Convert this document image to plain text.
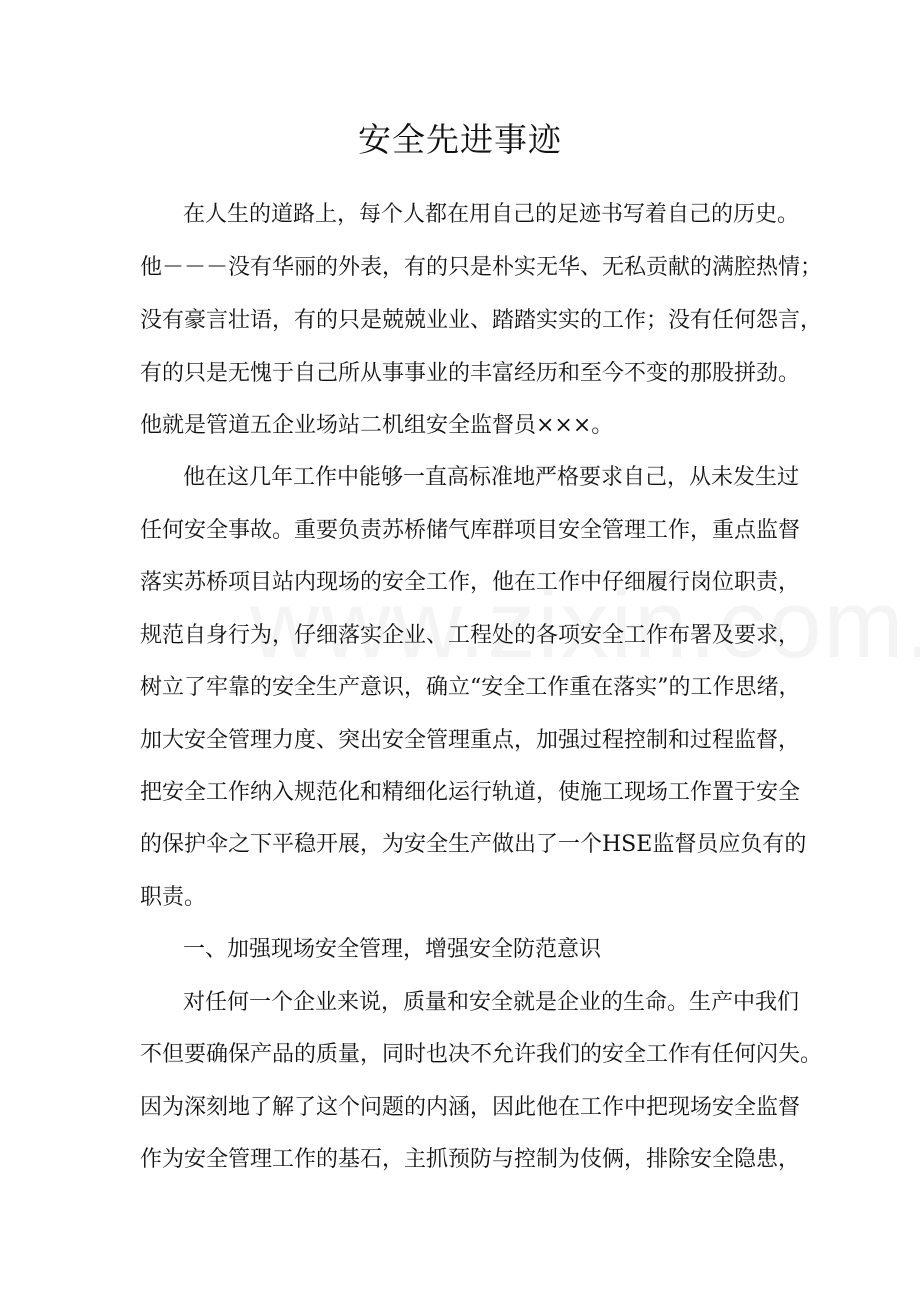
安全先进事迹
在人生的道路上，每个人都在用自己的足迹书写着自己的历史。
他－－－没有华丽的外表，有的只是朴实无华、无私贡献的满腔热情；
没有豪言壮语，有的只是兢兢业业、踏踏实实的工作；没有任何怨言，
有的只是无愧于自己所从事事业的丰富经历和至今不变的那股拼劲。
他就是管道五企业场站二机组安全监督员×××。
他在这几年工作中能够一直高标准地严格要求自己，从未发生过
任何安全事故。重要负责苏桥储气库群项目安全管理工作，重点监督
落实苏桥项目站内现场的安全工作，他在工作中仔细履行岗位职责，
规范自身行为，仔细落实企业、工程处的各项安全工作布署及要求，
树立了牢靠的安全生产意识，确立“安全工作重在落实”的工作思绪，
加大安全管理力度、突出安全管理重点，加强过程控制和过程监督，
把安全工作纳入规范化和精细化运行轨道，使施工现场工作置于安全
的保护伞之下平稳开展，为安全生产做出了一个HSE监督员应负有的
职责。
一、加强现场安全管理，增强安全防范意识
对任何一个企业来说，质量和安全就是企业的生命。生产中我们
不但要确保产品的质量，同时也决不允许我们的安全工作有任何闪失。
因为深刻地了解了这个问题的内涵，因此他在工作中把现场安全监督
作为安全管理工作的基石，主抓预防与控制为伎俩，排除安全隐患，
